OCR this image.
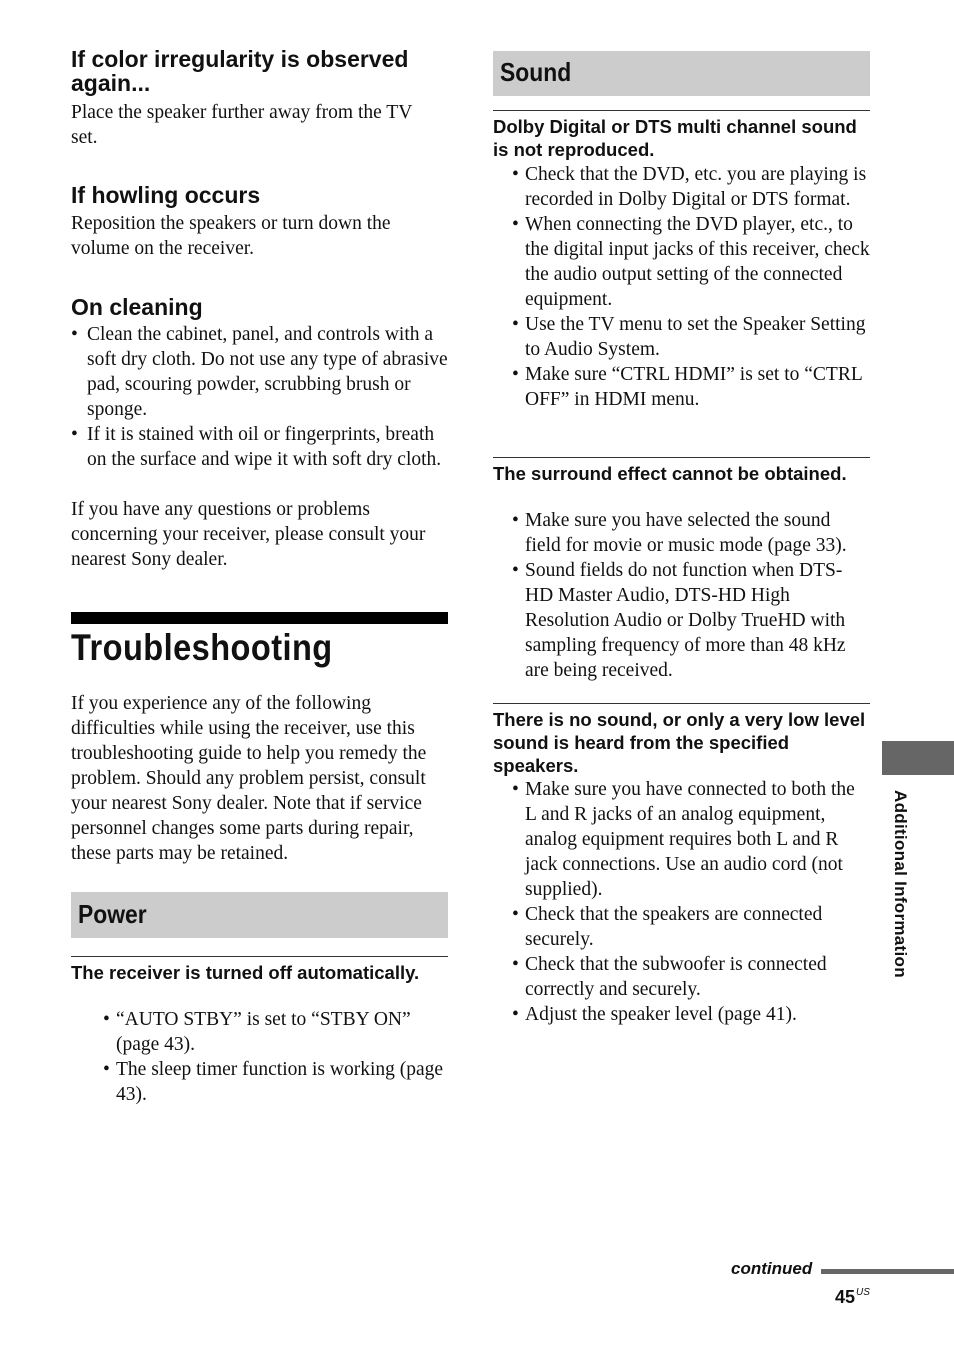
If color irregularity is observed again...

Place the speaker further away from the TV set.

If howling occurs

Reposition the speakers or turn down the volume on the receiver.

On cleaning
• Clean the cabinet, panel, and controls with a soft dry cloth. Do not use any type of abrasive pad, scouring powder, scrubbing brush or sponge.
• If it is stained with oil or fingerprints, breath on the surface and wipe it with soft dry cloth.

If you have any questions or problems concerning your receiver, please consult your nearest Sony dealer.

Troubleshooting

If you experience any of the following difficulties while using the receiver, use this troubleshooting guide to help you remedy the problem. Should any problem persist, consult your nearest Sony dealer. Note that if service personnel changes some parts during repair, these parts may be retained.

Power

The receiver is turned off automatically.

• “AUTO STBY” is set to “STBY ON” (page 43).
• The sleep timer function is working (page 43).
Sound

Dolby Digital or DTS multi channel sound is not reproduced.

• Check that the DVD, etc. you are playing is recorded in Dolby Digital or DTS format.
• When connecting the DVD player, etc., to the digital input jacks of this receiver, check the audio output setting of the connected equipment.
• Use the TV menu to set the Speaker Setting to Audio System.
• Make sure “CTRL HDMI” is set to “CTRL OFF” in HDMI menu.

The surround effect cannot be obtained.

• Make sure you have selected the sound field for movie or music mode (page 33).
• Sound fields do not function when DTS-HD Master Audio, DTS-HD High Resolution Audio or Dolby TrueHD with sampling frequency of more than 48 kHz are being received.

There is no sound, or only a very low level sound is heard from the specified speakers.

• Make sure you have connected to both the L and R jacks of an analog equipment, analog equipment requires both L and R jack connections. Use an audio cord (not supplied).
• Check that the speakers are connected securely.
• Check that the subwoofer is connected correctly and securely.
• Adjust the speaker level (page 41).
Additional Information
continued
$45^{US}$
